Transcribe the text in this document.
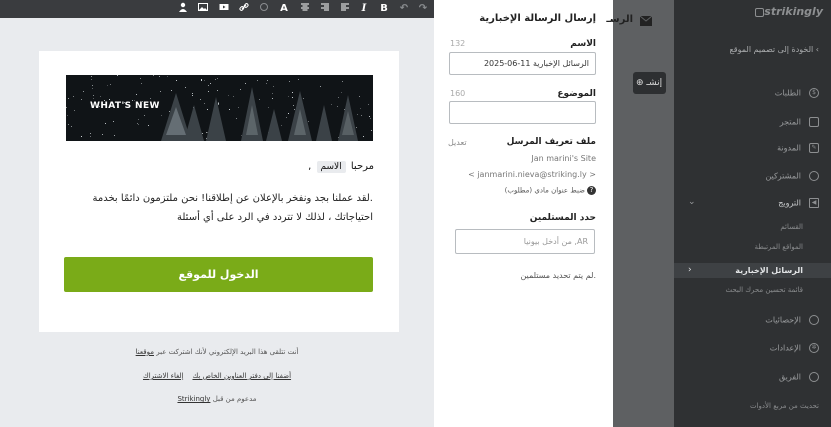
A	I	B	↶ ↷
WHAT'S NEW
مرحبا الاسم ,
.لقد عملنا بجد ونفخر بالإعلان عن إطلاقنا! نحن ملتزمون دائمًا بخدمة احتياجاتك ، لذلك لا تتردد في الرد على أي أسئلة
الدخول للموقع
أنت تتلقى هذا البريد الإلكتروني لأنك اشتركت عبر موقعنا
أضفنا إلى دفتر العناوين الخاص بك    إلغاء الاشتراك
مدعوم من قبل Strikingly
إرسال الرسالة الإخبارية
الاسم
132
2025-06-11 الرسائل الإخبارية
الموضوع
160
ملف تعريف المرسل
تعديل
Jan marini's Site
< janmarini.nieva@striking.ly >
?ضبط عنوان مادي (مطلوب)
حدد المستلمين
AR, من أدخل بيونيا
.لم يتم تحديد مستلمين
الرسـ
⊕ إنشـ
strikingly
› الخودة إلى تصميم الموقع
$الطلبات
المتجر
✎المدونة
المشتركين
◀الترويج
⌄
القسائم
المواقع المرتبطة
الرسائل الإخبارية
‹
قائمة تحسين محرك البحث
الإحصائيات
✲الإعدادات
الفريق
تحديث من مربع الأدوات
